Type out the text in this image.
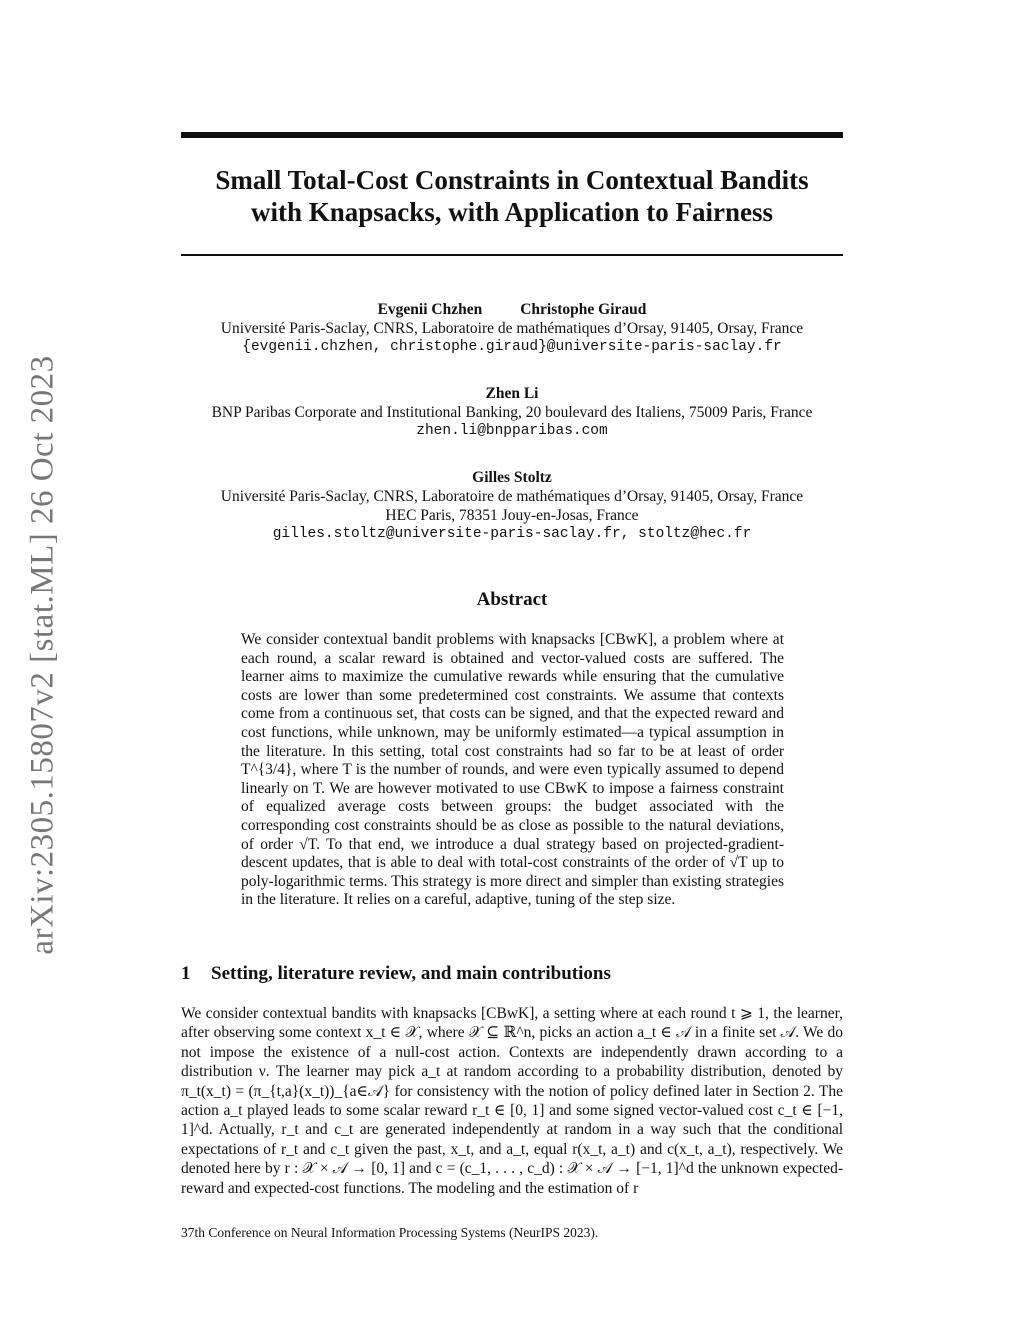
arXiv:2305.15807v2 [stat.ML] 26 Oct 2023
Small Total-Cost Constraints in Contextual Bandits
with Knapsacks, with Application to Fairness
Evgenii Chzhen Christophe Giraud
Université Paris-Saclay, CNRS, Laboratoire de mathématiques d’Orsay, 91405, Orsay, France
{evgenii.chzhen, christophe.giraud}@universite-paris-saclay.fr
Zhen Li
BNP Paribas Corporate and Institutional Banking, 20 boulevard des Italiens, 75009 Paris, France
zhen.li@bnpparibas.com
Gilles Stoltz
Université Paris-Saclay, CNRS, Laboratoire de mathématiques d’Orsay, 91405, Orsay, France
HEC Paris, 78351 Jouy-en-Josas, France
gilles.stoltz@universite-paris-saclay.fr, stoltz@hec.fr
Abstract
We consider contextual bandit problems with knapsacks [CBwK], a problem where at each round, a scalar reward is obtained and vector-valued costs are suffered. The learner aims to maximize the cumulative rewards while ensuring that the cumulative costs are lower than some predetermined cost constraints. We assume that contexts come from a continuous set, that costs can be signed, and that the expected reward and cost functions, while unknown, may be uniformly estimated—a typical assumption in the literature. In this setting, total cost constraints had so far to be at least of order T^{3/4}, where T is the number of rounds, and were even typically assumed to depend linearly on T. We are however motivated to use CBwK to impose a fairness constraint of equalized average costs between groups: the budget associated with the corresponding cost constraints should be as close as possible to the natural deviations, of order √T. To that end, we introduce a dual strategy based on projected-gradient-descent updates, that is able to deal with total-cost constraints of the order of √T up to poly-logarithmic terms. This strategy is more direct and simpler than existing strategies in the literature. It relies on a careful, adaptive, tuning of the step size.
1 Setting, literature review, and main contributions
We consider contextual bandits with knapsacks [CBwK], a setting where at each round t ⩾ 1, the learner, after observing some context x_t ∈ 𝒳, where 𝒳 ⊆ ℝ^n, picks an action a_t ∈ 𝒜 in a finite set 𝒜. We do not impose the existence of a null-cost action. Contexts are independently drawn according to a distribution ν. The learner may pick a_t at random according to a probability distribution, denoted by π_t(x_t) = (π_{t,a}(x_t))_{a∈𝒜} for consistency with the notion of policy defined later in Section 2. The action a_t played leads to some scalar reward r_t ∈ [0, 1] and some signed vector-valued cost c_t ∈ [−1, 1]^d. Actually, r_t and c_t are generated independently at random in a way such that the conditional expectations of r_t and c_t given the past, x_t, and a_t, equal r(x_t, a_t) and c(x_t, a_t), respectively. We denoted here by r : 𝒳 × 𝒜 → [0, 1] and c = (c_1, . . . , c_d) : 𝒳 × 𝒜 → [−1, 1]^d the unknown expected-reward and expected-cost functions. The modeling and the estimation of r
37th Conference on Neural Information Processing Systems (NeurIPS 2023).
